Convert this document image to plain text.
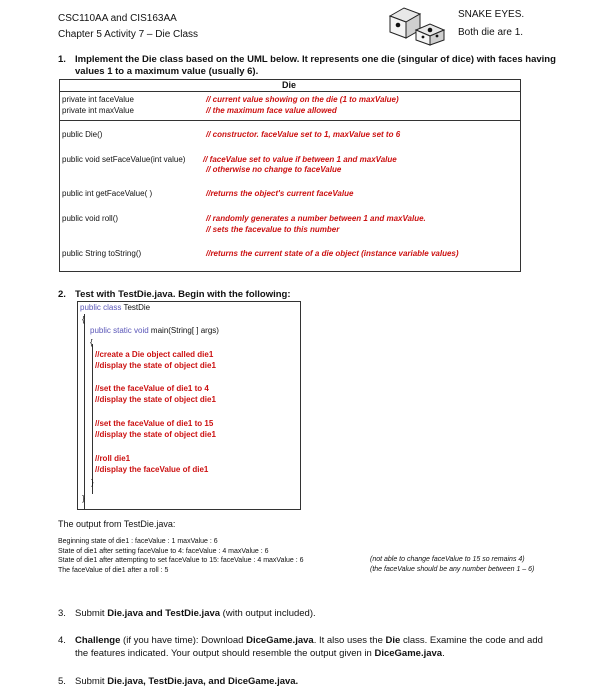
CSC110AA and CIS163AA
Chapter 5 Activity 7 – Die Class
SNAKE EYES.
Both die are 1.
1. Implement the Die class based on the UML below. It represents one die (singular of dice) with faces having
values 1 to a maximum value (usually 6).
Die
private int faceValue	// current value showing on the die (1 to maxValue)
private int maxValue	// the maximum face value allowed
public Die()	// constructor. faceValue set to 1, maxValue set to 6
public void setFaceValue(int value) // faceValue set to value if between 1 and maxValue
// otherwise no change to faceValue
public int getFaceValue( )	//returns the object's current faceValue
public void roll()	// randomly generates a number between 1 and maxValue.
// sets the facevalue to this number
public String toString()	//returns the current state of a die object (instance variable values)
2. Test with TestDie.java. Begin with the following:
public class TestDie
{
public static void main(String[ ] args)
{
//create a Die object called die1
//display the state of object die1
//set the faceValue of die1 to 4
//display the state of object die1
//set the faceValue of die1 to 15
//display the state of object die1
//roll die1
//display the faceValue of die1
}
}
The output from TestDie.java:
Beginning state of die1 : faceValue : 1 maxValue : 6
State of die1 after setting faceValue to 4: faceValue : 4 maxValue : 6
State of die1 after attempting to set faceValue to 15: faceValue : 4 maxValue : 6
The faceValue of die1 after a roll : 5
(not able to change faceValue to 15 so remains 4)
(the faceValue should be any number between 1 – 6)
3. Submit Die.java and TestDie.java (with output included).
4. Challenge (if you have time): Download DiceGame.java. It also uses the Die class. Examine the code and add
the features indicated. Your output should resemble the output given in DiceGame.java.
5. Submit Die.java, TestDie.java, and DiceGame.java.
